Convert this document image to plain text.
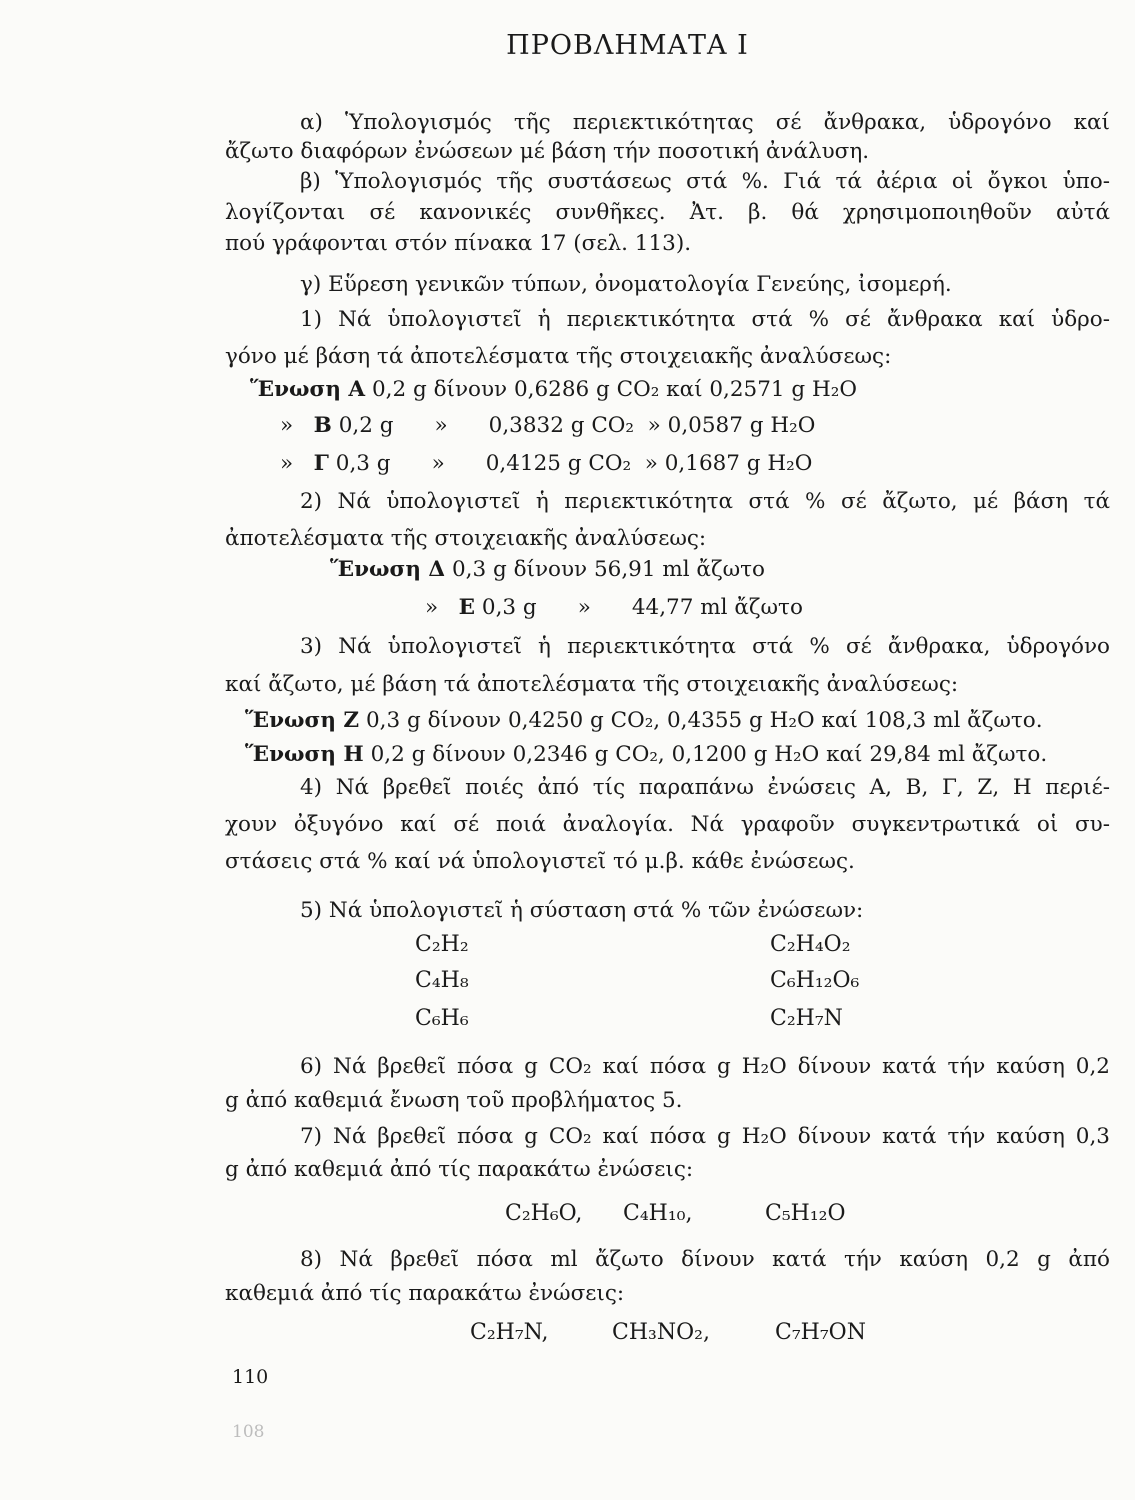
ΠΡΟΒΛΗΜΑΤΑ Ι
α) Ὑπολογισμός τῆς περιεκτικότητας σέ ἄνθρακα, ὑδρογόνο καί
ἄζωτο διαφόρων ἐνώσεων μέ βάση τήν ποσοτική ἀνάλυση.
β) Ὑπολογισμός τῆς συστάσεως στά %. Γιά τά ἀέρια οἱ ὄγκοι ὑπο-
λογίζονται σέ κανονικές συνθῆκες. Ἀτ. β. θά χρησιμοποιηθοῦν αὐτά
πού γράφονται στόν πίνακα 17 (σελ. 113).
γ) Εὕρεση γενικῶν τύπων, ὀνοματολογία Γενεύης, ἰσομερή.
1) Νά ὑπολογιστεῖ ἡ περιεκτικότητα στά % σέ ἄνθρακα καί ὑδρο-
γόνο μέ βάση τά ἀποτελέσματα τῆς στοιχειακῆς ἀναλύσεως:
Ἕνωση Α 0,2 g δίνουν 0,6286 g CO₂ καί 0,2571 g H₂O
» Β 0,2 g      »      0,3832 g CO₂  » 0,0587 g H₂O
» Γ 0,3 g      »      0,4125 g CO₂  » 0,1687 g H₂O
2) Νά ὑπολογιστεῖ ἡ περιεκτικότητα στά % σέ ἄζωτο, μέ βάση τά
ἀποτελέσματα τῆς στοιχειακῆς ἀναλύσεως:
Ἕνωση Δ 0,3 g δίνουν 56,91 ml ἄζωτο
» Ε 0,3 g      »      44,77 ml ἄζωτο
3) Νά ὑπολογιστεῖ ἡ περιεκτικότητα στά % σέ ἄνθρακα, ὑδρογόνο
καί ἄζωτο, μέ βάση τά ἀποτελέσματα τῆς στοιχειακῆς ἀναλύσεως:
Ἕνωση Ζ 0,3 g δίνουν 0,4250 g CO₂, 0,4355 g H₂O καί 108,3 ml ἄζωτο.
Ἕνωση Η 0,2 g δίνουν 0,2346 g CO₂, 0,1200 g H₂O καί 29,84 ml ἄζωτο.
4) Νά βρεθεῖ ποιές ἀπό τίς παραπάνω ἐνώσεις Α, Β, Γ, Ζ, Η περιέ-
χουν ὀξυγόνο καί σέ ποιά ἀναλογία. Νά γραφοῦν συγκεντρωτικά οἱ συ-
στάσεις στά % καί νά ὑπολογιστεῖ τό μ.β. κάθε ἐνώσεως.
5) Νά ὑπολογιστεῖ ἡ σύσταση στά % τῶν ἐνώσεων:
C₂H₂	C₂H₄O₂
C₄H₈	C₆H₁₂O₆
C₆H₆	C₂H₇N
6) Νά βρεθεῖ πόσα g CO₂ καί πόσα g H₂O δίνουν κατά τήν καύση 0,2
g ἀπό καθεμιά ἔνωση τοῦ προβλήματος 5.
7) Νά βρεθεῖ πόσα g CO₂ καί πόσα g H₂O δίνουν κατά τήν καύση 0,3
g ἀπό καθεμιά ἀπό τίς παρακάτω ἐνώσεις:
C₂H₆O, C₄H₁₀,	C₅H₁₂O
8) Νά βρεθεῖ πόσα ml ἄζωτο δίνουν κατά τήν καύση 0,2 g ἀπό
καθεμιά ἀπό τίς παρακάτω ἐνώσεις:
C₂H₇N,	CH₃NO₂,	C₇H₇ON
110
108
